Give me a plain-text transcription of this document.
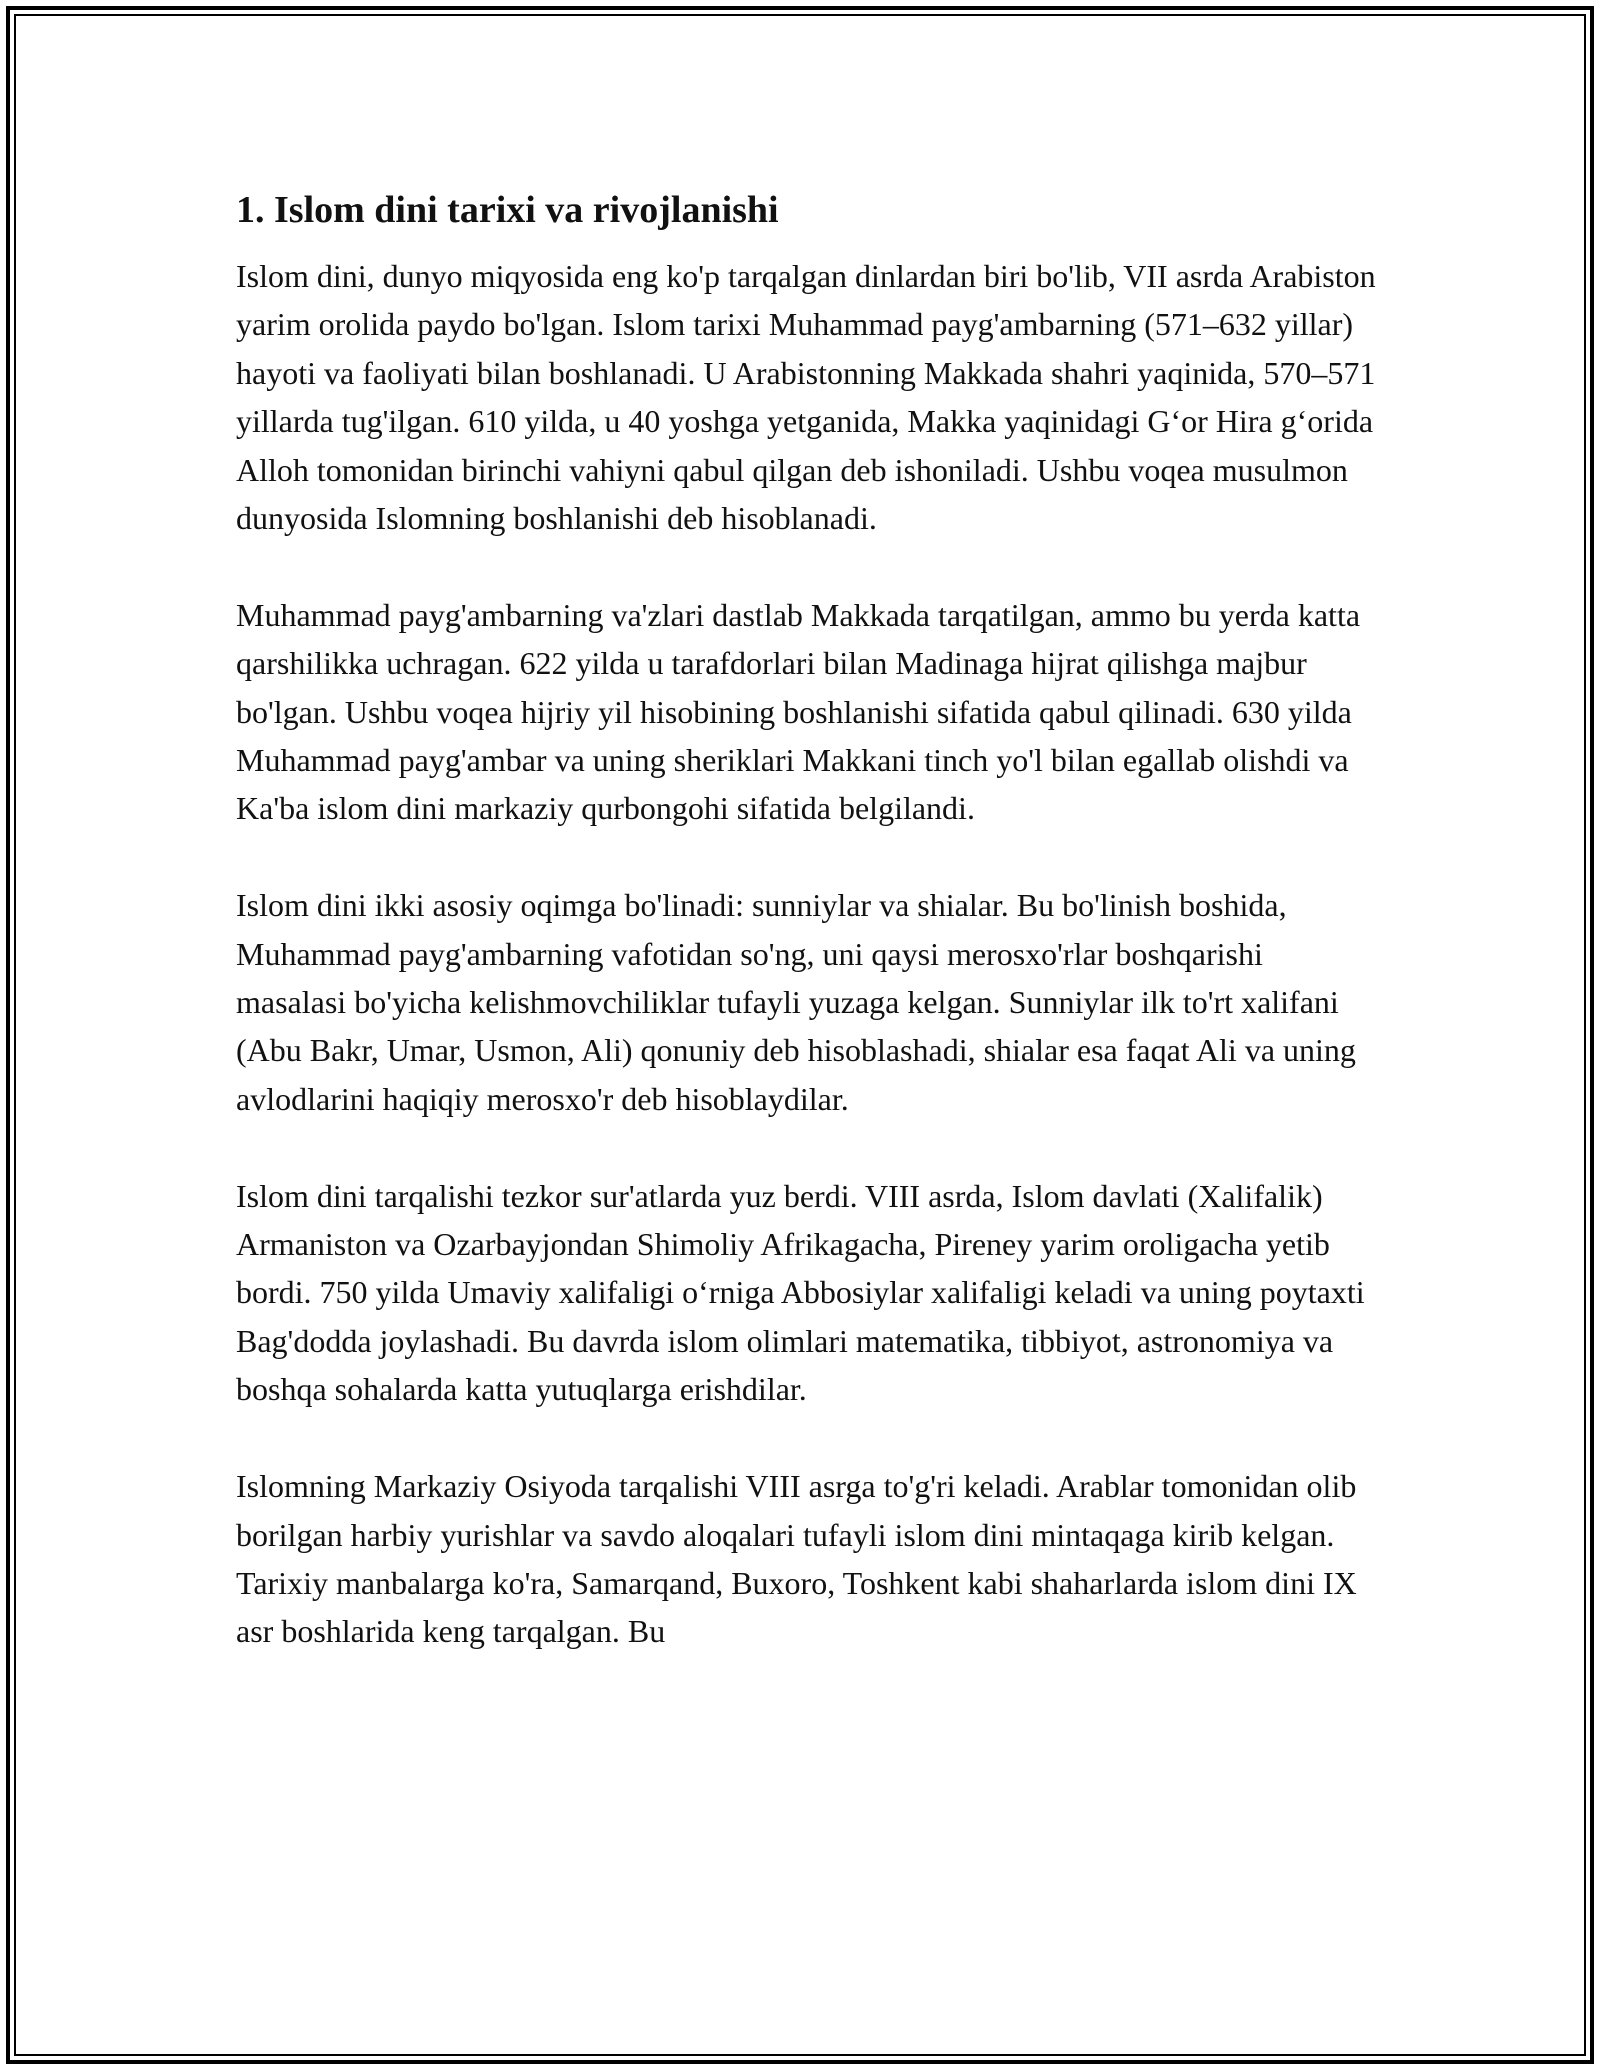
1. Islom dini tarixi va rivojlanishi

Islom dini, dunyo miqyosida eng ko'p tarqalgan dinlardan biri bo'lib, VII asrda Arabiston yarim orolida paydo bo'lgan. Islom tarixi Muhammad payg'ambarning (571–632 yillar) hayoti va faoliyati bilan boshlanadi. U Arabistonning Makkada shahri yaqinida, 570–571 yillarda tug'ilgan. 610 yilda, u 40 yoshga yetganida, Makka yaqinidagi G‘or Hira g‘orida Alloh tomonidan birinchi vahiyni qabul qilgan deb ishoniladi. Ushbu voqea musulmon dunyosida Islomning boshlanishi deb hisoblanadi.

Muhammad payg'ambarning va'zlari dastlab Makkada tarqatilgan, ammo bu yerda katta qarshilikka uchragan. 622 yilda u tarafdorlari bilan Madinaga hijrat qilishga majbur bo'lgan. Ushbu voqea hijriy yil hisobining boshlanishi sifatida qabul qilinadi. 630 yilda Muhammad payg'ambar va uning sheriklari Makkani tinch yo'l bilan egallab olishdi va Ka'ba islom dini markaziy qurbongohi sifatida belgilandi.

Islom dini ikki asosiy oqimga bo'linadi: sunniylar va shialar. Bu bo'linish boshida, Muhammad payg'ambarning vafotidan so'ng, uni qaysi merosxo'rlar boshqarishi masalasi bo'yicha kelishmovchiliklar tufayli yuzaga kelgan. Sunniylar ilk to'rt xalifani (Abu Bakr, Umar, Usmon, Ali) qonuniy deb hisoblashadi, shialar esa faqat Ali va uning avlodlarini haqiqiy merosxo'r deb hisoblaydilar.

Islom dini tarqalishi tezkor sur'atlarda yuz berdi. VIII asrda, Islom davlati (Xalifalik) Armaniston va Ozarbayjondan Shimoliy Afrikagacha, Pireney yarim oroligacha yetib bordi. 750 yilda Umaviy xalifaligi o‘rniga Abbosiylar xalifaligi keladi va uning poytaxti Bag'dodda joylashadi. Bu davrda islom olimlari matematika, tibbiyot, astronomiya va boshqa sohalarda katta yutuqlarga erishdilar.

Islomning Markaziy Osiyoda tarqalishi VIII asrga to'g'ri keladi. Arablar tomonidan olib borilgan harbiy yurishlar va savdo aloqalari tufayli islom dini mintaqaga kirib kelgan. Tarixiy manbalarga ko'ra, Samarqand, Buxoro, Toshkent kabi shaharlarda islom dini IX asr boshlarida keng tarqalgan. Bu
